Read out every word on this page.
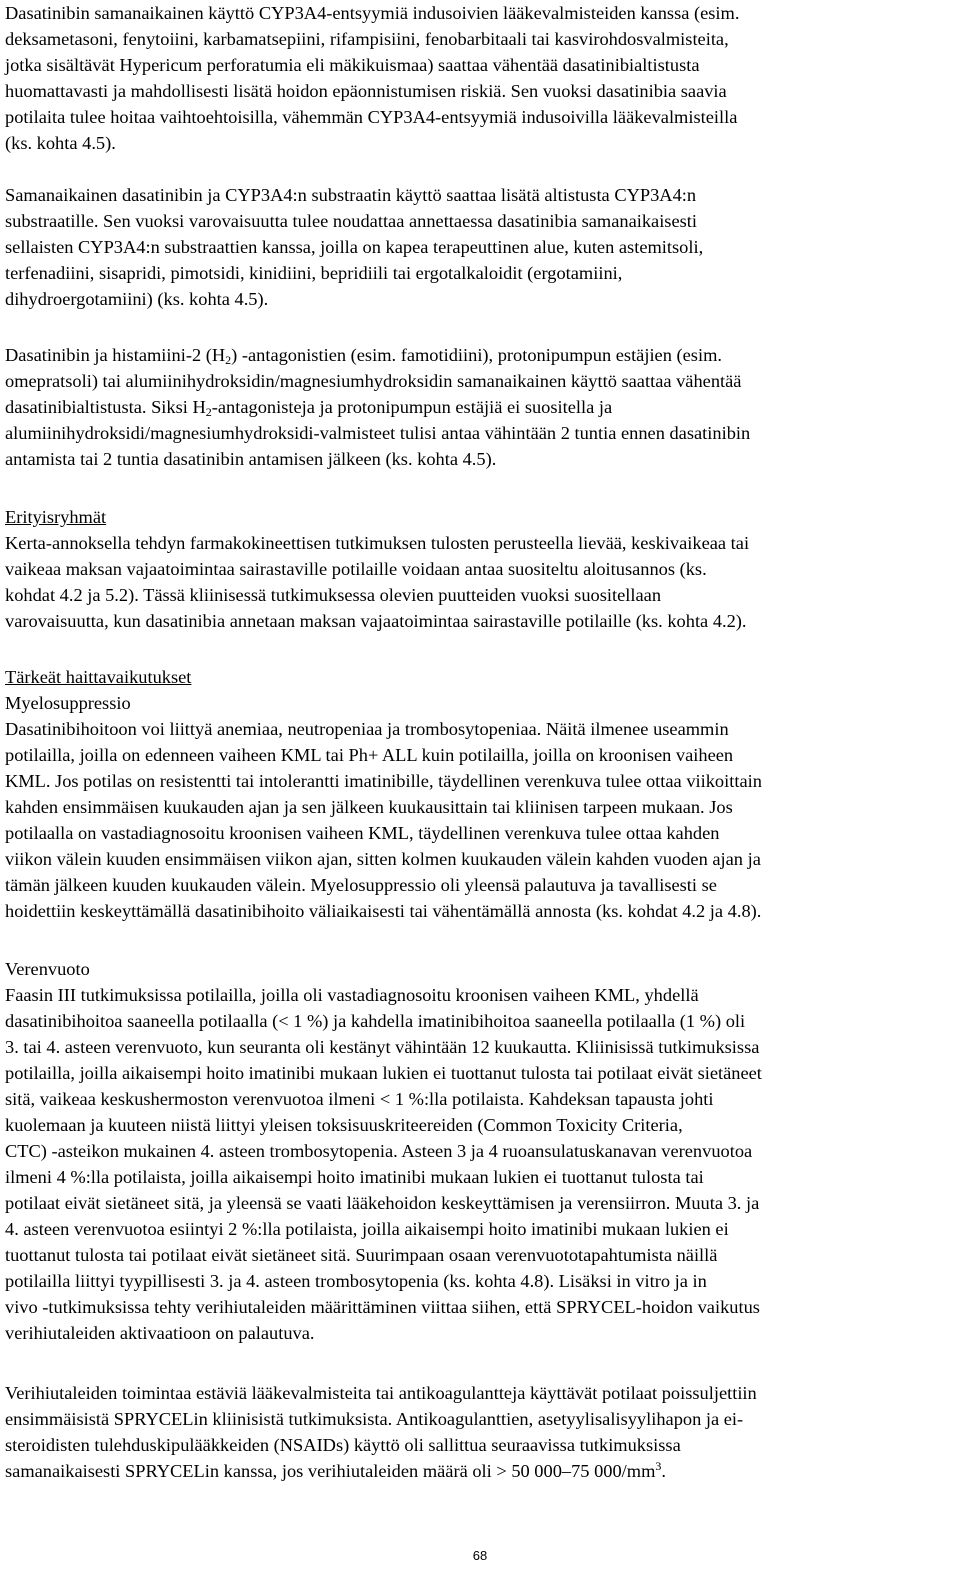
Dasatinibin samanaikainen käyttö CYP3A4-entsyymiä indusoivien lääkevalmisteiden kanssa (esim.
deksametasoni, fenytoiini, karbamatsepiini, rifampisiini, fenobarbitaali tai kasvirohdosvalmisteita,
jotka sisältävät Hypericum perforatumia eli mäkikuismaa) saattaa vähentää dasatinibialtistusta
huomattavasti ja mahdollisesti lisätä hoidon epäonnistumisen riskiä. Sen vuoksi dasatinibia saavia
potilaita tulee hoitaa vaihtoehtoisilla, vähemmän CYP3A4-entsyymiä indusoivilla lääkevalmisteilla
(ks. kohta 4.5).
Samanaikainen dasatinibin ja CYP3A4:n substraatin käyttö saattaa lisätä altistusta CYP3A4:n
substraatille. Sen vuoksi varovaisuutta tulee noudattaa annettaessa dasatinibia samanaikaisesti
sellaisten CYP3A4:n substraattien kanssa, joilla on kapea terapeuttinen alue, kuten astemitsoli,
terfenadiini, sisapridi, pimotsidi, kinidiini, bepridiili tai ergotalkaloidit (ergotamiini,
dihydroergotamiini) (ks. kohta 4.5).
Dasatinibin ja histamiini-2 $(H_2)$ -antagonistien (esim. famotidiini), protonipumpun estäjien (esim.
omepratsoli) tai alumiinihydroksidin/magnesiumhydroksidin samanaikainen käyttö saattaa vähentää
dasatinibialtistusta. Siksi $H_2$-antagonisteja ja protonipumpun estäjiä ei suositella ja
alumiinihydroksidi/magnesiumhydroksidi-valmisteet tulisi antaa vähintään 2 tuntia ennen dasatinibin
antamista tai 2 tuntia dasatinibin antamisen jälkeen (ks. kohta 4.5).
Erityisryhmät
Kerta-annoksella tehdyn farmakokineettisen tutkimuksen tulosten perusteella lievää, keskivaikeaa tai
vaikeaa maksan vajaatoimintaa sairastaville potilaille voidaan antaa suositeltu aloitusannos (ks.
kohdat 4.2 ja 5.2). Tässä kliinisessä tutkimuksessa olevien puutteiden vuoksi suositellaan
varovaisuutta, kun dasatinibia annetaan maksan vajaatoimintaa sairastaville potilaille (ks. kohta 4.2).
Tärkeät haittavaikutukset
Myelosuppressio
Dasatinibihoitoon voi liittyä anemiaa, neutropeniaa ja trombosytopeniaa. Näitä ilmenee useammin
potilailla, joilla on edenneen vaiheen KML tai Ph+ ALL kuin potilailla, joilla on kroonisen vaiheen
KML. Jos potilas on resistentti tai intolerantti imatinibille, täydellinen verenkuva tulee ottaa viikoittain
kahden ensimmäisen kuukauden ajan ja sen jälkeen kuukausittain tai kliinisen tarpeen mukaan. Jos
potilaalla on vastadiagnosoitu kroonisen vaiheen KML, täydellinen verenkuva tulee ottaa kahden
viikon välein kuuden ensimmäisen viikon ajan, sitten kolmen kuukauden välein kahden vuoden ajan ja
tämän jälkeen kuuden kuukauden välein. Myelosuppressio oli yleensä palautuva ja tavallisesti se
hoidettiin keskeyttämällä dasatinibihoito väliaikaisesti tai vähentämällä annosta (ks. kohdat 4.2 ja 4.8).
Verenvuoto
Faasin III tutkimuksissa potilailla, joilla oli vastadiagnosoitu kroonisen vaiheen KML, yhdellä
dasatinibihoitoa saaneella potilaalla (< 1 %) ja kahdella imatinibihoitoa saaneella potilaalla (1 %) oli
3. tai 4. asteen verenvuoto, kun seuranta oli kestänyt vähintään 12 kuukautta. Kliinisissä tutkimuksissa
potilailla, joilla aikaisempi hoito imatinibi mukaan lukien ei tuottanut tulosta tai potilaat eivät sietäneet
sitä, vaikeaa keskushermoston verenvuotoa ilmeni < 1 %:lla potilaista. Kahdeksan tapausta johti
kuolemaan ja kuuteen niistä liittyi yleisen toksisuuskriteereiden (Common Toxicity Criteria,
CTC) -asteikon mukainen 4. asteen trombosytopenia. Asteen 3 ja 4 ruoansulatuskanavan verenvuotoa
ilmeni 4 %:lla potilaista, joilla aikaisempi hoito imatinibi mukaan lukien ei tuottanut tulosta tai
potilaat eivät sietäneet sitä, ja yleensä se vaati lääkehoidon keskeyttämisen ja verensiirron. Muuta 3. ja
4. asteen verenvuotoa esiintyi 2 %:lla potilaista, joilla aikaisempi hoito imatinibi mukaan lukien ei
tuottanut tulosta tai potilaat eivät sietäneet sitä. Suurimpaan osaan verenvuototapahtumista näillä
potilailla liittyi tyypillisesti 3. ja 4. asteen trombosytopenia (ks. kohta 4.8). Lisäksi in vitro ja in
vivo -tutkimuksissa tehty verihiutaleiden määrittäminen viittaa siihen, että SPRYCEL-hoidon vaikutus
verihiutaleiden aktivaatioon on palautuva.
Verihiutaleiden toimintaa estäviä lääkevalmisteita tai antikoagulantteja käyttävät potilaat poissuljettiin
ensimmäisistä SPRYCELin kliinisistä tutkimuksista. Antikoagulanttien, asetyylisalisyylihapon ja ei-
steroidisten tulehduskipulääkkeiden (NSAIDs) käyttö oli sallittua seuraavissa tutkimuksissa
samanaikaisesti SPRYCELin kanssa, jos verihiutaleiden määrä oli > 50 000–75 $000/mm^3$.
68
